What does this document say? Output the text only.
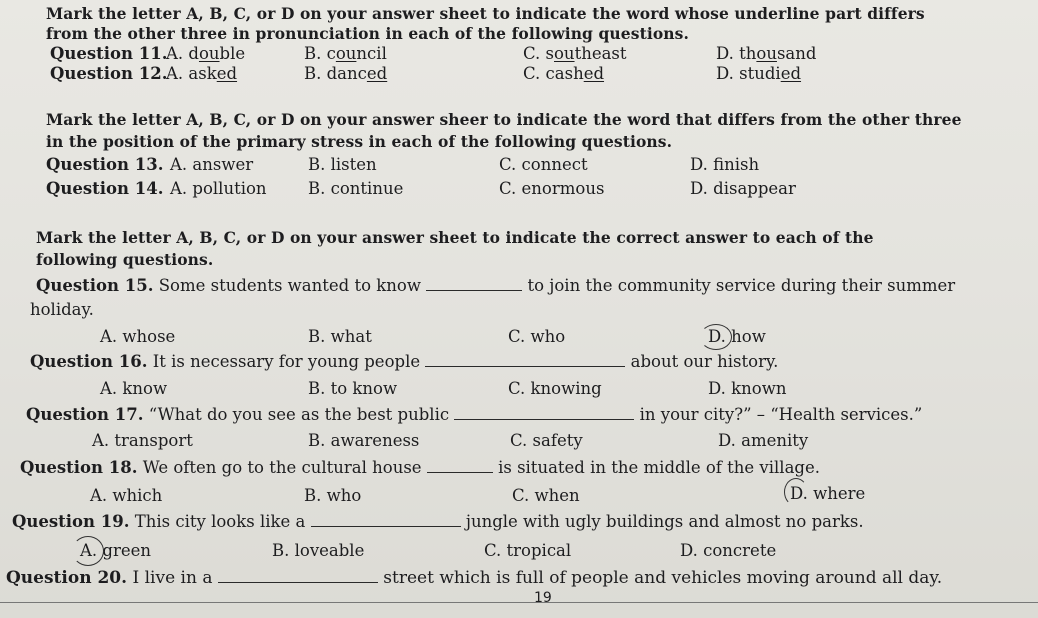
Mark the letter A, B, C, or D on your answer sheet to indicate the word whose underline part differs
from the other three in pronunciation in each of the following questions.
Question 11.
A. double	B. council	C. southeast	D. thousand
Question 12.
A. asked	B. danced	C. cashed	D. studied
Mark the letter A, B, C, or D on your answer sheer to indicate the word that differs from the other three
in the position of the primary stress in each of the following questions.
Question 13. A. answer	B. listen	C. connect	D. finish
Question 14. A. pollution	B. continue	C. enormous	D. disappear
Mark the letter A, B, C, or D on your answer sheet to indicate the correct answer to each of the
following questions.
Question 15. Some students wanted to know	to join the community service during their summer
holiday.
A. whose	B. what	C. who	D. how
Question 16. It is necessary for young people	about our history.
A. know	B. to know	C. knowing	D. known
Question 17. “What do you see as the best public	in your city?” – “Health services.”
A. transport	B. awareness	C. safety	D. amenity
Question 18. We often go to the cultural house	is situated in the middle of the village.
A. which	B. who	C. when	D. where
Question 19. This city looks like a	jungle with ugly buildings and almost no parks.
A. green	B. loveable	C. tropical	D. concrete
Question 20. I live in a	street which is full of people and vehicles moving around all day.
19
